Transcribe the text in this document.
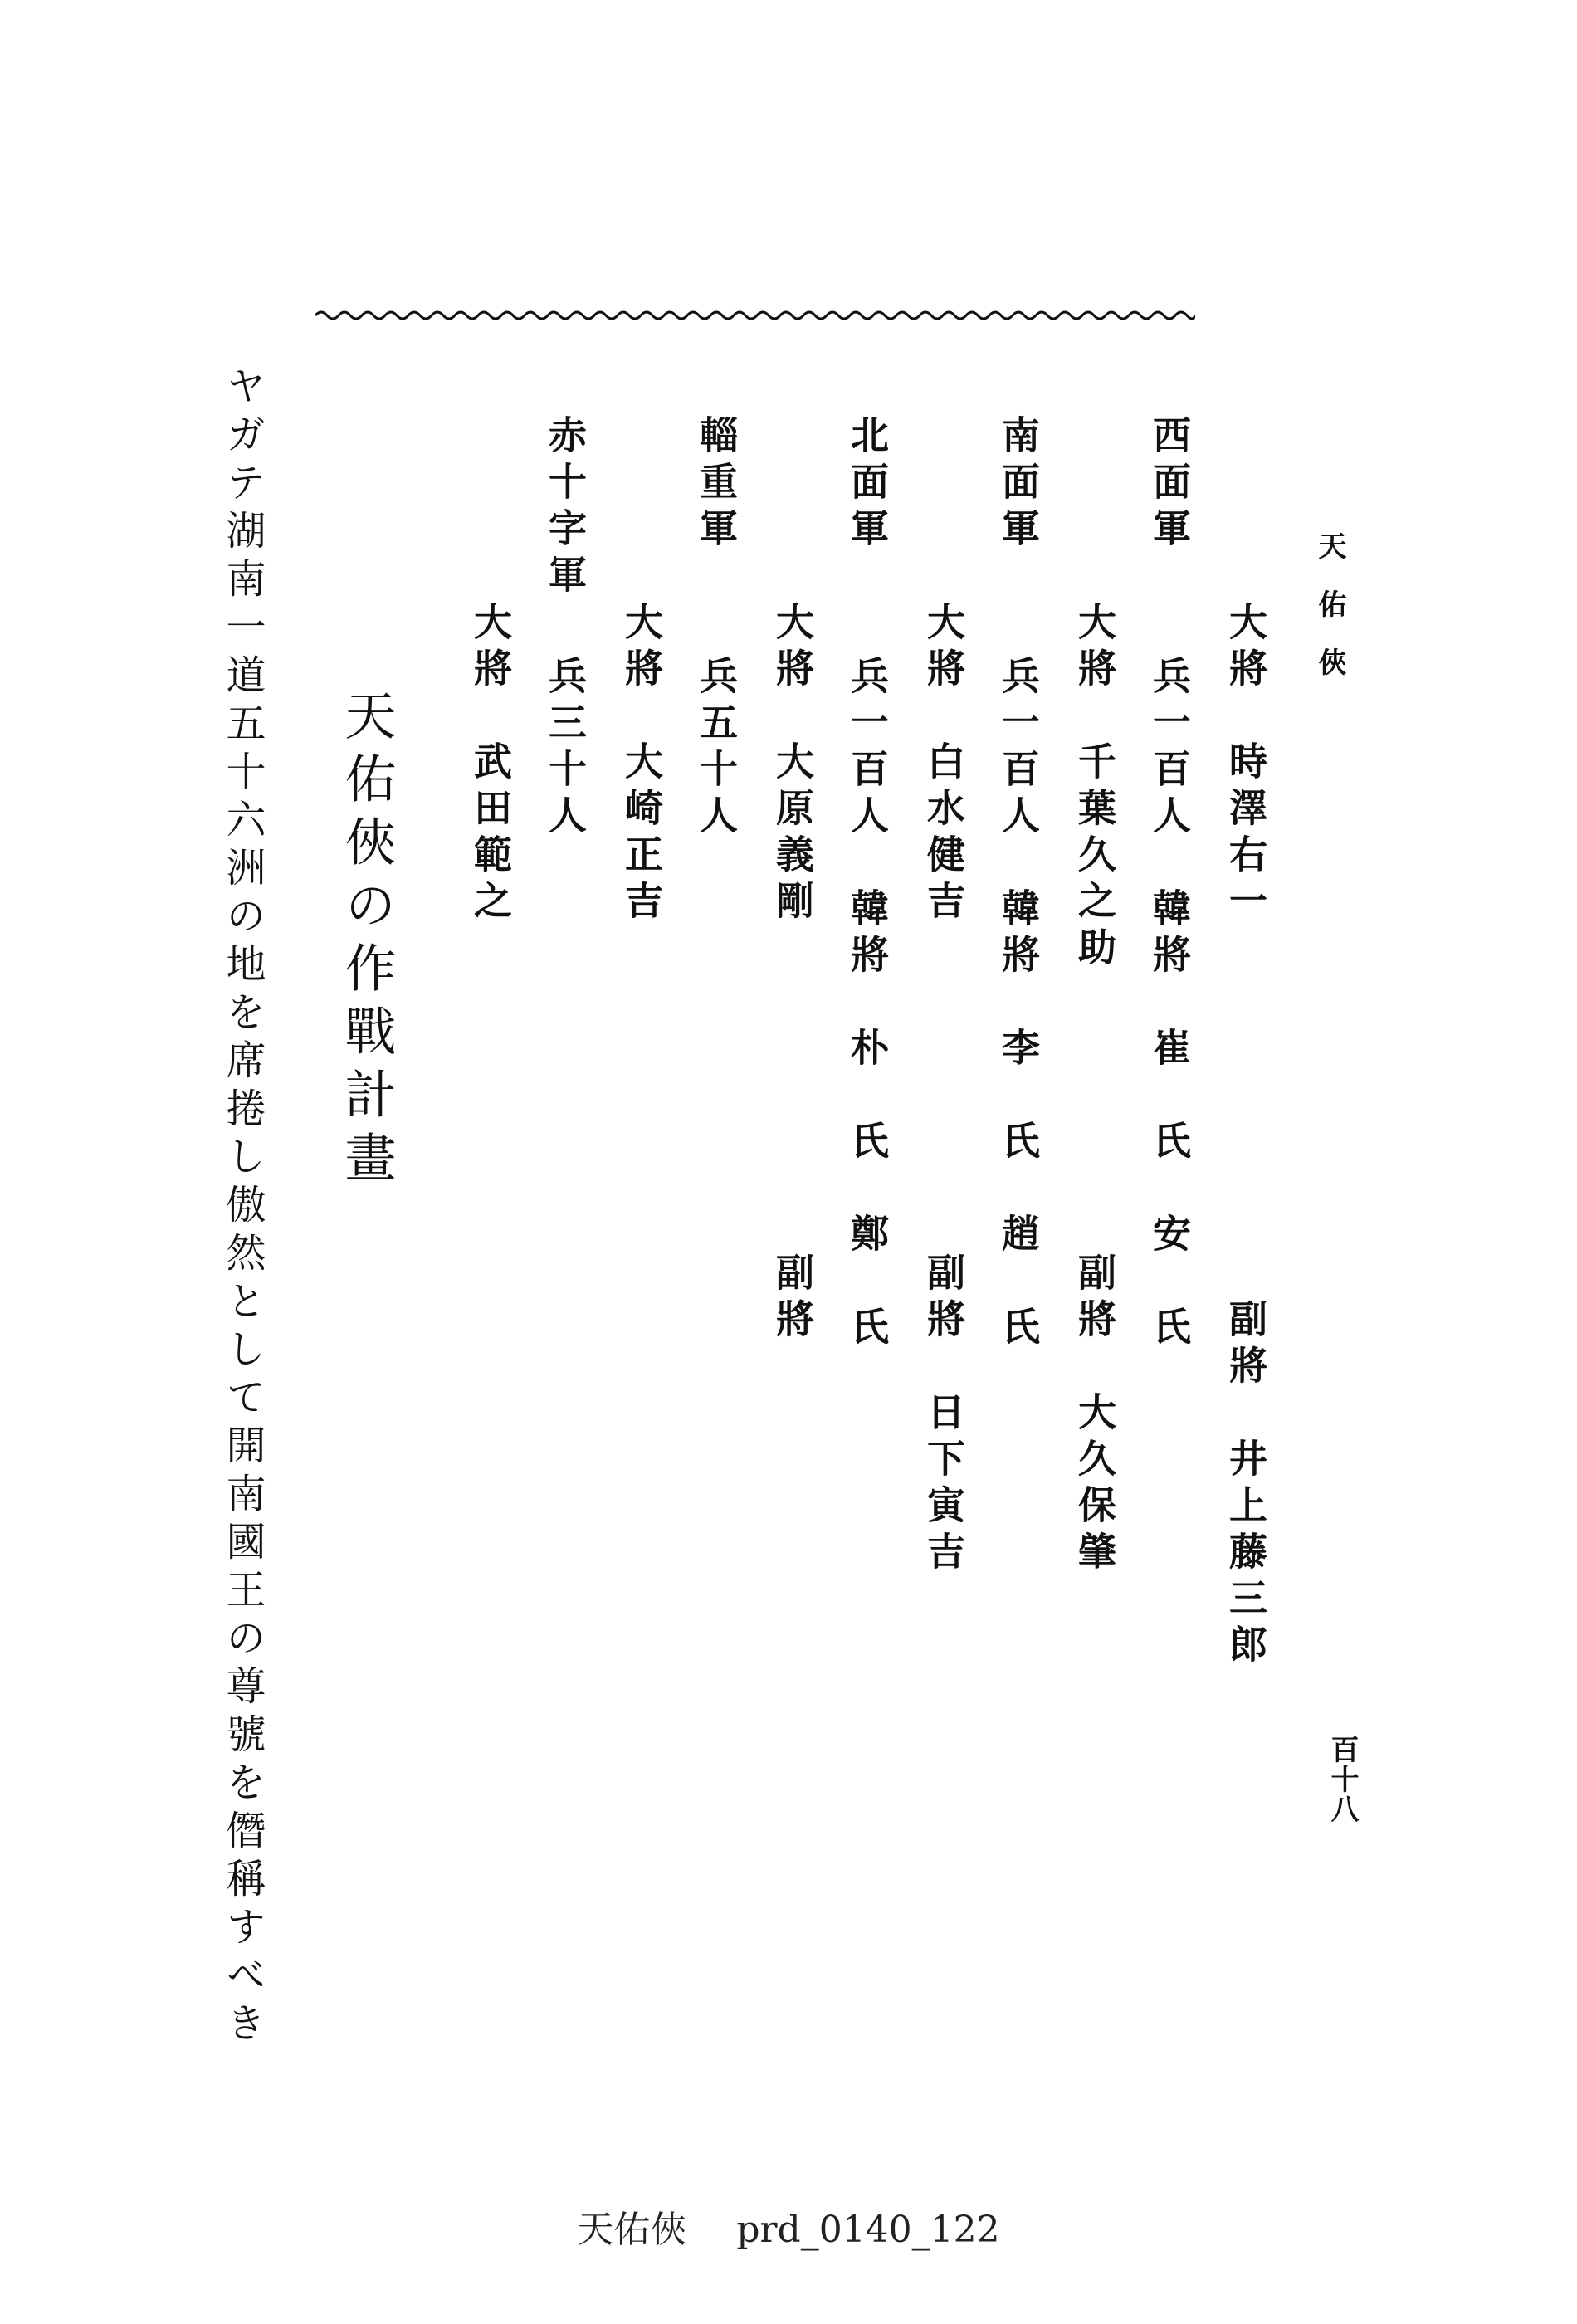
天佑俠
百十八
大將　時澤右一　　　　　　　　副將　井上藤三郎
西面軍
兵一百人　韓將　崔　氏　安　氏
大將　千葉久之助　　　　　　副將　大久保肇
南面軍
兵一百人　韓將　李　氏　趙　氏
大將　白水健吉　　　　　　　副將　日下寅吉
北面軍
兵一百人　韓將　朴　氏　鄭　氏
大將　大原義剛　　　　　　　副將
輜重軍
兵五十人
大將　大崎正吉
赤十字軍
兵三十人
大將　武田範之
天佑俠の作戰計畫
ヤガテ湖南一道五十六洲の地を席捲し傲然として開南國王の尊號を僭稱すべき
天佑俠 prd_0140_122
